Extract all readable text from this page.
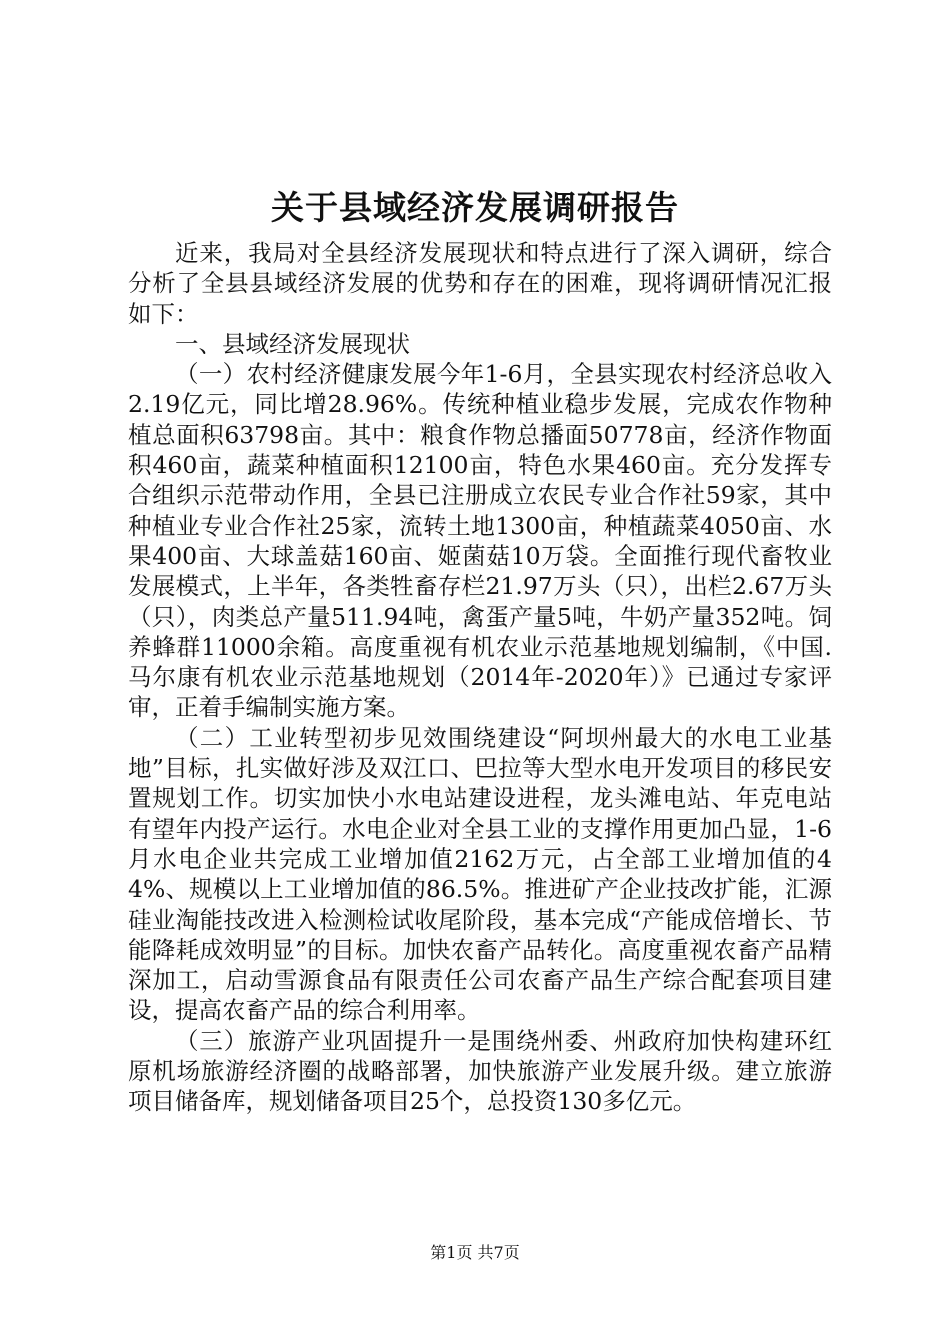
关于县域经济发展调研报告

近来，我局对全县经济发展现状和特点进行了深入调研，综合分析了全县县域经济发展的优势和存在的困难，现将调研情况汇报如下：

一、县域经济发展现状

（一）农村经济健康发展今年1-6月，全县实现农村经济总收入2.19亿元，同比增28.96%。传统种植业稳步发展，完成农作物种植总面积63798亩。其中：粮食作物总播面50778亩，经济作物面积460亩，蔬菜种植面积12100亩，特色水果460亩。充分发挥专合组织示范带动作用，全县已注册成立农民专业合作社59家，其中种植业专业合作社25家，流转土地1300亩，种植蔬菜4050亩、水果400亩、大球盖菇160亩、姬菌菇10万袋。全面推行现代畜牧业发展模式，上半年，各类牲畜存栏21.97万头（只），出栏2.67万头（只），肉类总产量511.94吨，禽蛋产量5吨，牛奶产量352吨。饲养蜂群11000余箱。高度重视有机农业示范基地规划编制，《中国.马尔康有机农业示范基地规划（2014年-2020年）》已通过专家评审，正着手编制实施方案。

（二）工业转型初步见效围绕建设“阿坝州最大的水电工业基地”目标，扎实做好涉及双江口、巴拉等大型水电开发项目的移民安置规划工作。切实加快小水电站建设进程，龙头滩电站、年克电站有望年内投产运行。水电企业对全县工业的支撑作用更加凸显，1-6月水电企业共完成工业增加值2162万元，占全部工业增加值的44%、规模以上工业增加值的86.5%。推进矿产企业技改扩能，汇源硅业淘能技改进入检测检试收尾阶段，基本完成“产能成倍增长、节能降耗成效明显”的目标。加快农畜产品转化。高度重视农畜产品精深加工，启动雪源食品有限责任公司农畜产品生产综合配套项目建设，提高农畜产品的综合利用率。

（三）旅游产业巩固提升一是围绕州委、州政府加快构建环红原机场旅游经济圈的战略部署，加快旅游产业发展升级。建立旅游项目储备库，规划储备项目25个，总投资130多亿元。

第1页 共7页
